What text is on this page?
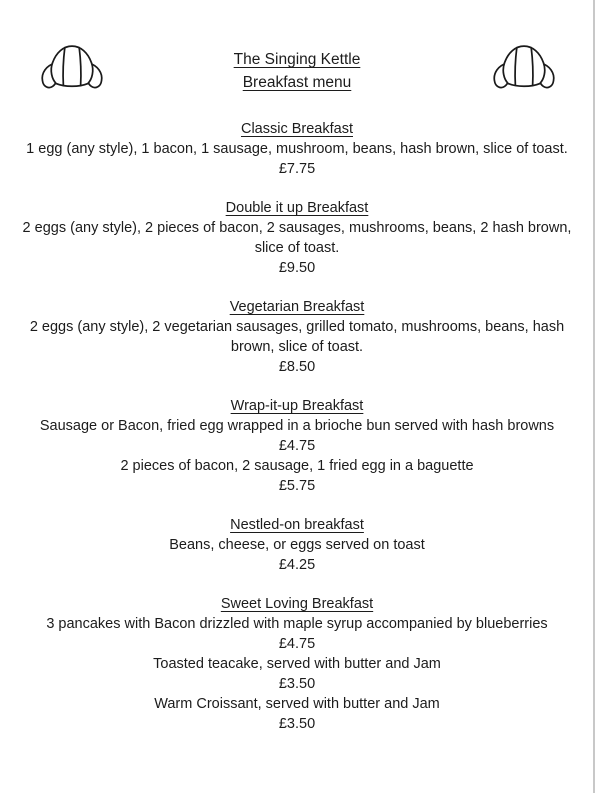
The Singing Kettle
Breakfast menu
Classic Breakfast
1 egg (any style), 1 bacon, 1 sausage, mushroom, beans, hash brown, slice of toast.
£7.75
Double it up Breakfast
2 eggs (any style), 2 pieces of bacon, 2 sausages, mushrooms, beans, 2 hash brown, slice of toast.
£9.50
Vegetarian Breakfast
2 eggs (any style), 2 vegetarian sausages, grilled tomato, mushrooms, beans, hash brown, slice of toast.
£8.50
Wrap-it-up Breakfast
Sausage or Bacon, fried egg wrapped in a brioche bun served with hash browns
£4.75
2 pieces of bacon, 2 sausage, 1 fried egg in a baguette
£5.75
Nestled-on breakfast
Beans, cheese, or eggs served on toast
£4.25
Sweet Loving Breakfast
3 pancakes with Bacon drizzled with maple syrup accompanied by blueberries
£4.75
Toasted teacake, served with butter and Jam
£3.50
Warm Croissant, served with butter and Jam
£3.50
